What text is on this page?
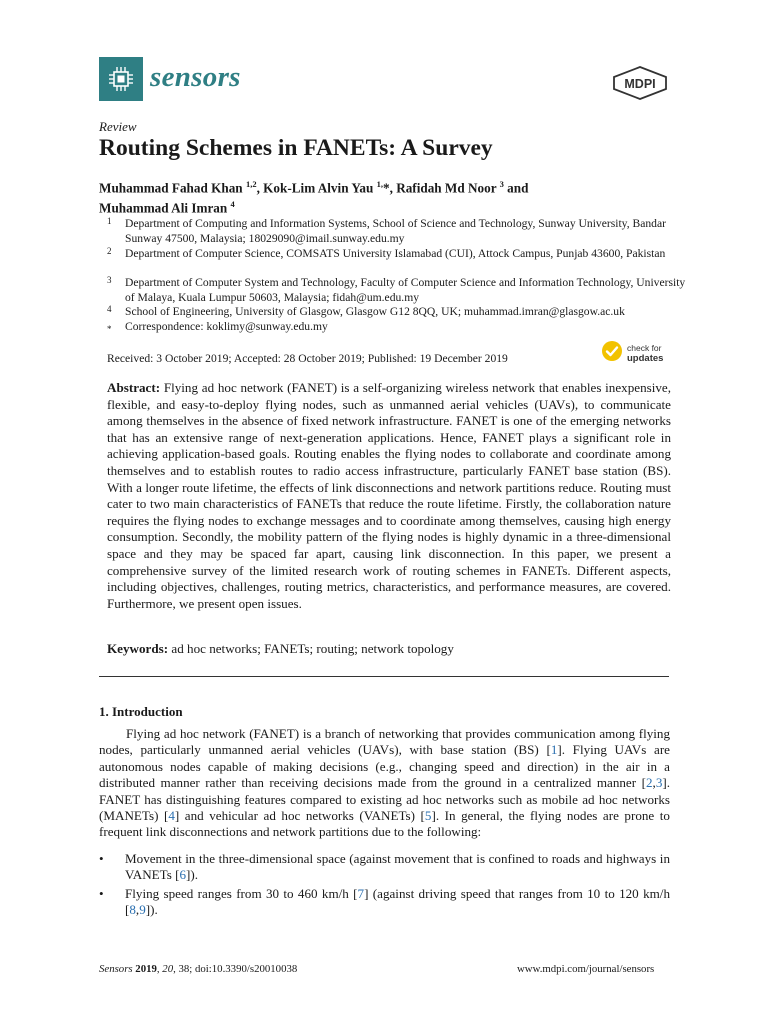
sensors	MDPI
Review
Routing Schemes in FANETs: A Survey
Muhammad Fahad Khan $^{1,2}$, Kok-Lim Alvin Yau $^{1,}$*, Rafidah Md Noor $^3$ and
Muhammad Ali Imran $^4$
1 Department of Computing and Information Systems, School of Science and Technology, Sunway University, Bandar Sunway 47500, Malaysia; 18029090@imail.sunway.edu.my
2 Department of Computer Science, COMSATS University Islamabad (CUI), Attock Campus, Punjab 43600, Pakistan
3 Department of Computer System and Technology, Faculty of Computer Science and Information Technology, University of Malaya, Kuala Lumpur 50603, Malaysia; fidah@um.edu.my
4 School of Engineering, University of Glasgow, Glasgow G12 8QQ, UK; muhammad.imran@glasgow.ac.uk
* Correspondence: koklimy@sunway.edu.my
Received: 3 October 2019; Accepted: 28 October 2019; Published: 19 December 2019
check for
updates
Abstract: Flying ad hoc network (FANET) is a self-organizing wireless network that enables inexpensive, flexible, and easy-to-deploy flying nodes, such as unmanned aerial vehicles (UAVs), to communicate among themselves in the absence of fixed network infrastructure. FANET is one of the emerging networks that has an extensive range of next-generation applications. Hence, FANET plays a significant role in achieving application-based goals. Routing enables the flying nodes to collaborate and coordinate among themselves and to establish routes to radio access infrastructure, particularly FANET base station (BS). With a longer route lifetime, the effects of link disconnections and network partitions reduce. Routing must cater to two main characteristics of FANETs that reduce the route lifetime. Firstly, the collaboration nature requires the flying nodes to exchange messages and to coordinate among themselves, causing high energy consumption. Secondly, the mobility pattern of the flying nodes is highly dynamic in a three-dimensional space and they may be spaced far apart, causing link disconnection. In this paper, we present a comprehensive survey of the limited research work of routing schemes in FANETs. Different aspects, including objectives, challenges, routing metrics, characteristics, and performance measures, are covered. Furthermore, we present open issues.
Keywords: ad hoc networks; FANETs; routing; network topology
1. Introduction
Flying ad hoc network (FANET) is a branch of networking that provides communication among flying nodes, particularly unmanned aerial vehicles (UAVs), with base station (BS) [1]. Flying UAVs are autonomous nodes capable of making decisions (e.g., changing speed and direction) in the air in a distributed manner rather than receiving decisions made from the ground in a centralized manner [2,3]. FANET has distinguishing features compared to existing ad hoc networks such as mobile ad hoc networks (MANETs) [4] and vehicular ad hoc networks (VANETs) [5]. In general, the flying nodes are prone to frequent link disconnections and network partitions due to the following:
• Movement in the three-dimensional space (against movement that is confined to roads and highways in VANETs [6]).
• Flying speed ranges from 30 to 460 km/h [7] (against driving speed that ranges from 10 to 120 km/h [8,9]).
Sensors 2019, 20, 38; doi:10.3390/s20010038	www.mdpi.com/journal/sensors
